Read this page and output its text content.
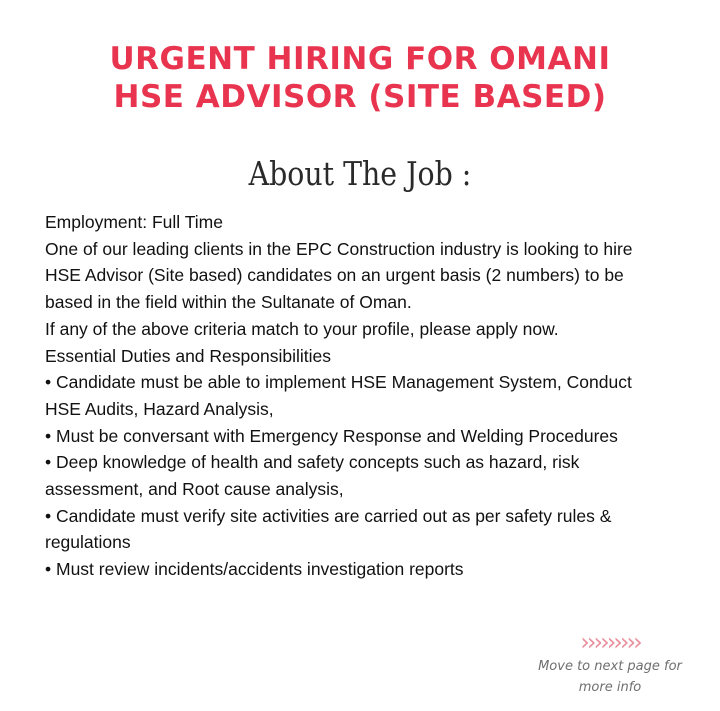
URGENT HIRING FOR OMANI
HSE ADVISOR (SITE BASED)
About The Job :
Employment: Full Time
One of our leading clients in the EPC Construction industry is looking to hire
HSE Advisor (Site based) candidates on an urgent basis (2 numbers) to be
based in the field within the Sultanate of Oman.
If any of the above criteria match to your profile, please apply now.
Essential Duties and Responsibilities
• Candidate must be able to implement HSE Management System, Conduct
HSE Audits, Hazard Analysis,
• Must be conversant with Emergency Response and Welding Procedures
• Deep knowledge of health and safety concepts such as hazard, risk
assessment, and Root cause analysis,
• Candidate must verify site activities are carried out as per safety rules &
regulations
• Must review incidents/accidents investigation reports
›››››››››
Move to next page for
more info
